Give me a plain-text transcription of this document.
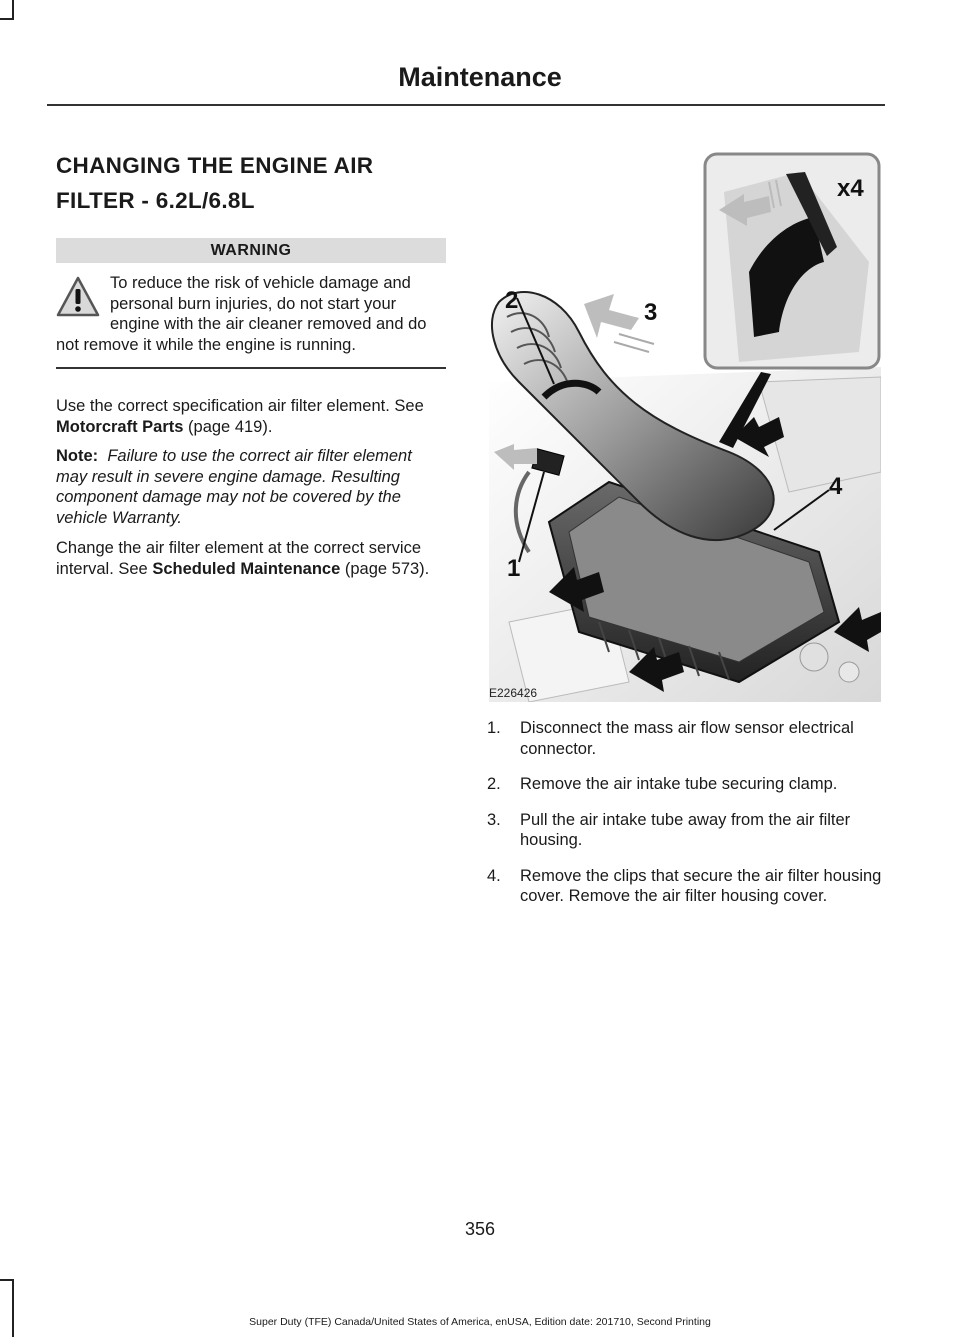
Maintenance
CHANGING THE ENGINE AIR
FILTER - 6.2L/6.8L
WARNING
To reduce the risk of vehicle damage and personal burn injuries, do not start your engine with the air cleaner removed and do not remove it while the engine is running.

Use the correct specification air filter element. See Motorcraft Parts (page 419).

Note: Failure to use the correct air filter element may result in severe engine damage. Resulting component damage may not be covered by the vehicle Warranty.

Change the air filter element at the correct service interval. See Scheduled Maintenance (page 573).

2	3
4
1
x4
E226426
1. Disconnect the mass air flow sensor electrical connector.
2. Remove the air intake tube securing clamp.
3. Pull the air intake tube away from the air filter housing.
4. Remove the clips that secure the air filter housing cover. Remove the air filter housing cover.
356
Super Duty (TFE) Canada/United States of America, enUSA, Edition date: 201710, Second Printing
